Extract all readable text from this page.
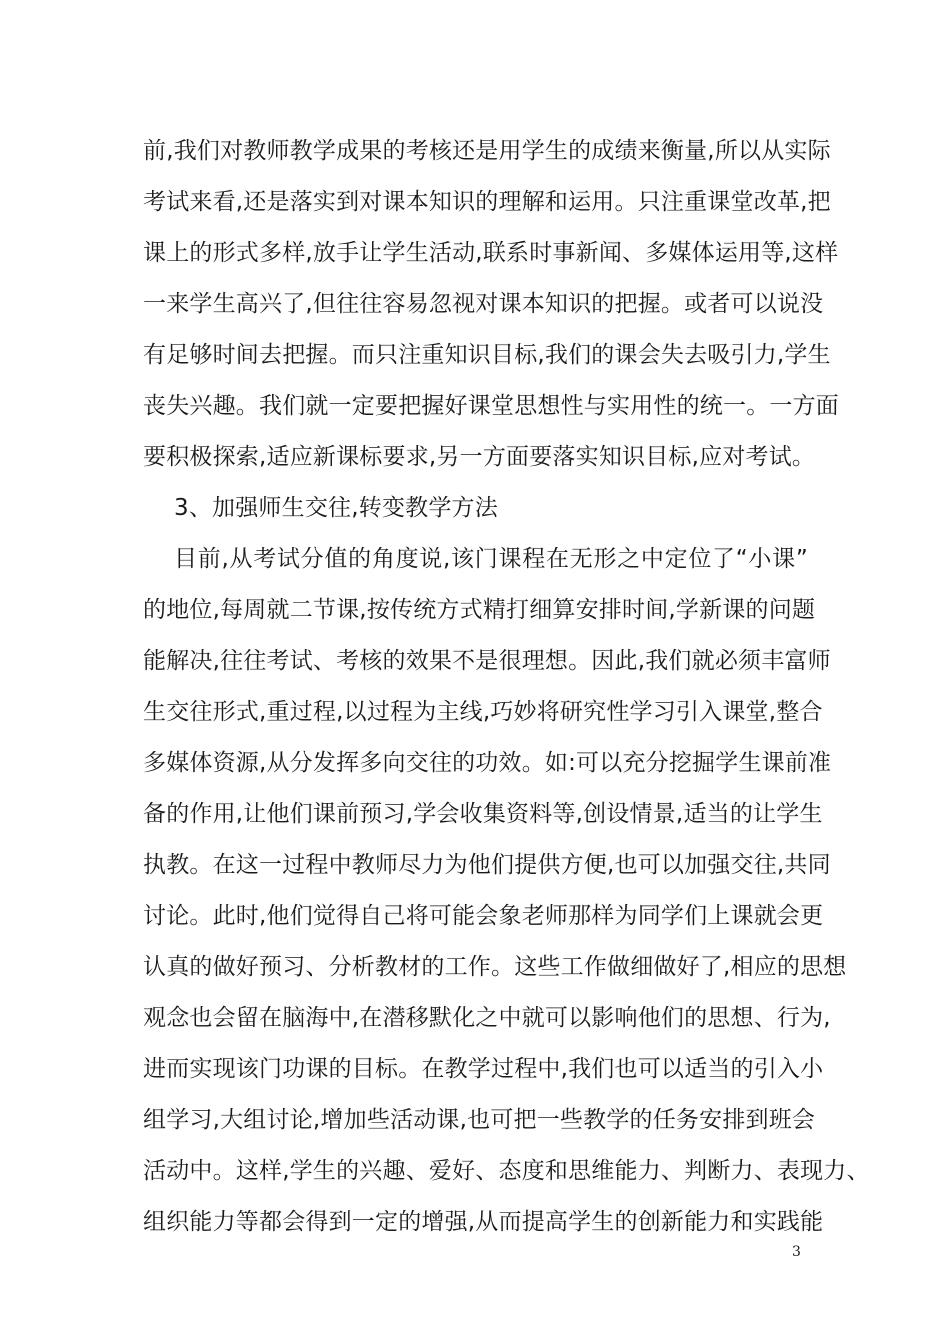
前,我们对教师教学成果的考核还是用学生的成绩来衡量,所以从实际
考试来看,还是落实到对课本知识的理解和运用。只注重课堂改革,把
课上的形式多样,放手让学生活动,联系时事新闻、多媒体运用等,这样
一来学生高兴了,但往往容易忽视对课本知识的把握。或者可以说没
有足够时间去把握。而只注重知识目标,我们的课会失去吸引力,学生
丧失兴趣。我们就一定要把握好课堂思想性与实用性的统一。一方面
要积极探索,适应新课标要求,另一方面要落实知识目标,应对考试。
3、加强师生交往,转变教学方法
目前,从考试分值的角度说,该门课程在无形之中定位了“小课”
的地位,每周就二节课,按传统方式精打细算安排时间,学新课的问题
能解决,往往考试、考核的效果不是很理想。因此,我们就必须丰富师
生交往形式,重过程,以过程为主线,巧妙将研究性学习引入课堂,整合
多媒体资源,从分发挥多向交往的功效。如:可以充分挖掘学生课前准
备的作用,让他们课前预习,学会收集资料等,创设情景,适当的让学生
执教。在这一过程中教师尽力为他们提供方便,也可以加强交往,共同
讨论。此时,他们觉得自己将可能会象老师那样为同学们上课就会更
认真的做好预习、分析教材的工作。这些工作做细做好了,相应的思想
观念也会留在脑海中,在潜移默化之中就可以影响他们的思想、行为,
进而实现该门功课的目标。在教学过程中,我们也可以适当的引入小
组学习,大组讨论,增加些活动课,也可把一些教学的任务安排到班会
活动中。这样,学生的兴趣、爱好、态度和思维能力、判断力、表现力、
组织能力等都会得到一定的增强,从而提高学生的创新能力和实践能
3
